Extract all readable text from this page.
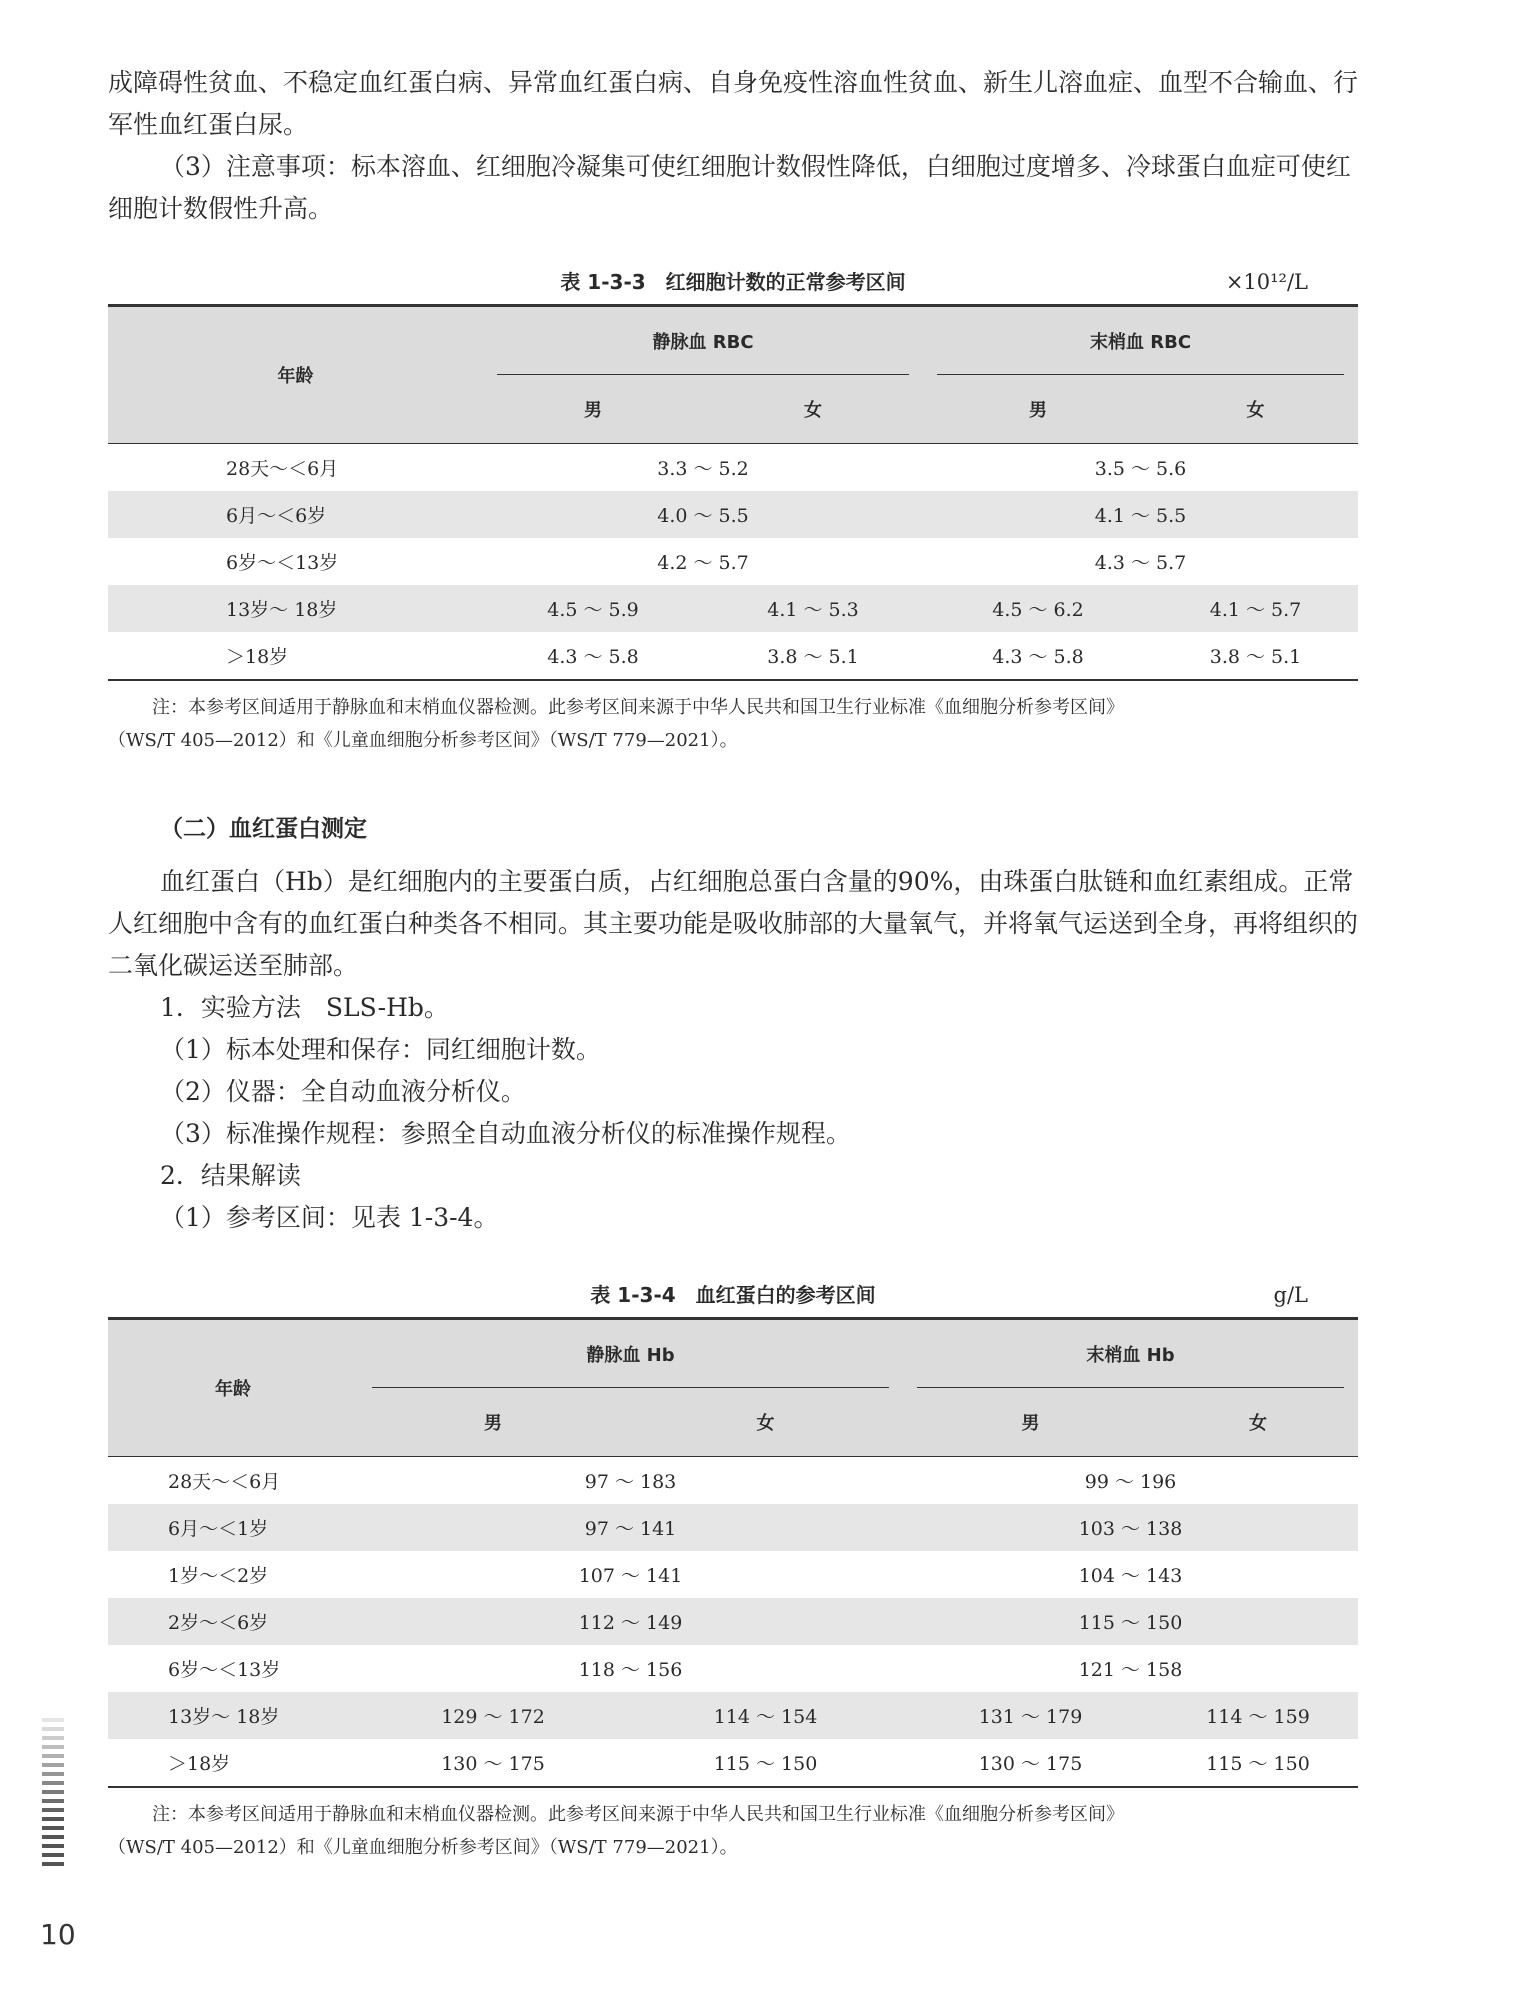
成障碍性贫血、不稳定血红蛋白病、异常血红蛋白病、自身免疫性溶血性贫血、新生儿溶血症、血型不合输血、行军性血红蛋白尿。

（3）注意事项：标本溶血、红细胞冷凝集可使红细胞计数假性降低，白细胞过度增多、冷球蛋白血症可使红细胞计数假性升高。

表 1-3-3　红细胞计数的正常参考区间	×10¹²/L
年龄	静脉血 RBC		末梢血 RBC	

	男	女	男	女
28天～＜6月	3.3 ～ 5.2		3.5 ～ 5.6	
6月～＜6岁	4.0 ～ 5.5		4.1 ～ 5.5	
6岁～＜13岁	4.2 ～ 5.7		4.3 ～ 5.7	
13岁～ 18岁	4.5 ～ 5.9	4.1 ～ 5.3	4.5 ～ 6.2	4.1 ～ 5.7
＞18岁	4.3 ～ 5.8	3.8 ～ 5.1	4.3 ～ 5.8	3.8 ～ 5.1
注：本参考区间适用于静脉血和末梢血仪器检测。此参考区间来源于中华人民共和国卫生行业标准《血细胞分析参考区间》
（WS/T 405—2012）和《儿童血细胞分析参考区间》（WS/T 779—2021）。

（二）血红蛋白测定

血红蛋白（Hb）是红细胞内的主要蛋白质，占红细胞总蛋白含量的90%，由珠蛋白肽链和血红素组成。正常人红细胞中含有的血红蛋白种类各不相同。其主要功能是吸收肺部的大量氧气，并将氧气运送到全身，再将组织的二氧化碳运送至肺部。

1．实验方法　SLS-Hb。

（1）标本处理和保存：同红细胞计数。

（2）仪器：全自动血液分析仪。

（3）标准操作规程：参照全自动血液分析仪的标准操作规程。

2．结果解读

（1）参考区间：见表 1-3-4。

表 1-3-4　血红蛋白的参考区间	g/L
年龄	静脉血 Hb		末梢血 Hb	

	男	女	男	女
28天～＜6月	97 ～ 183		99 ～ 196	
6月～＜1岁	97 ～ 141		103 ～ 138	
1岁～＜2岁	107 ～ 141		104 ～ 143	
2岁～＜6岁	112 ～ 149		115 ～ 150	
6岁～＜13岁	118 ～ 156		121 ～ 158	
13岁～ 18岁	129 ～ 172	114 ～ 154	131 ～ 179	114 ～ 159
＞18岁	130 ～ 175	115 ～ 150	130 ～ 175	115 ～ 150
注：本参考区间适用于静脉血和末梢血仪器检测。此参考区间来源于中华人民共和国卫生行业标准《血细胞分析参考区间》
（WS/T 405—2012）和《儿童血细胞分析参考区间》（WS/T 779—2021）。
10
